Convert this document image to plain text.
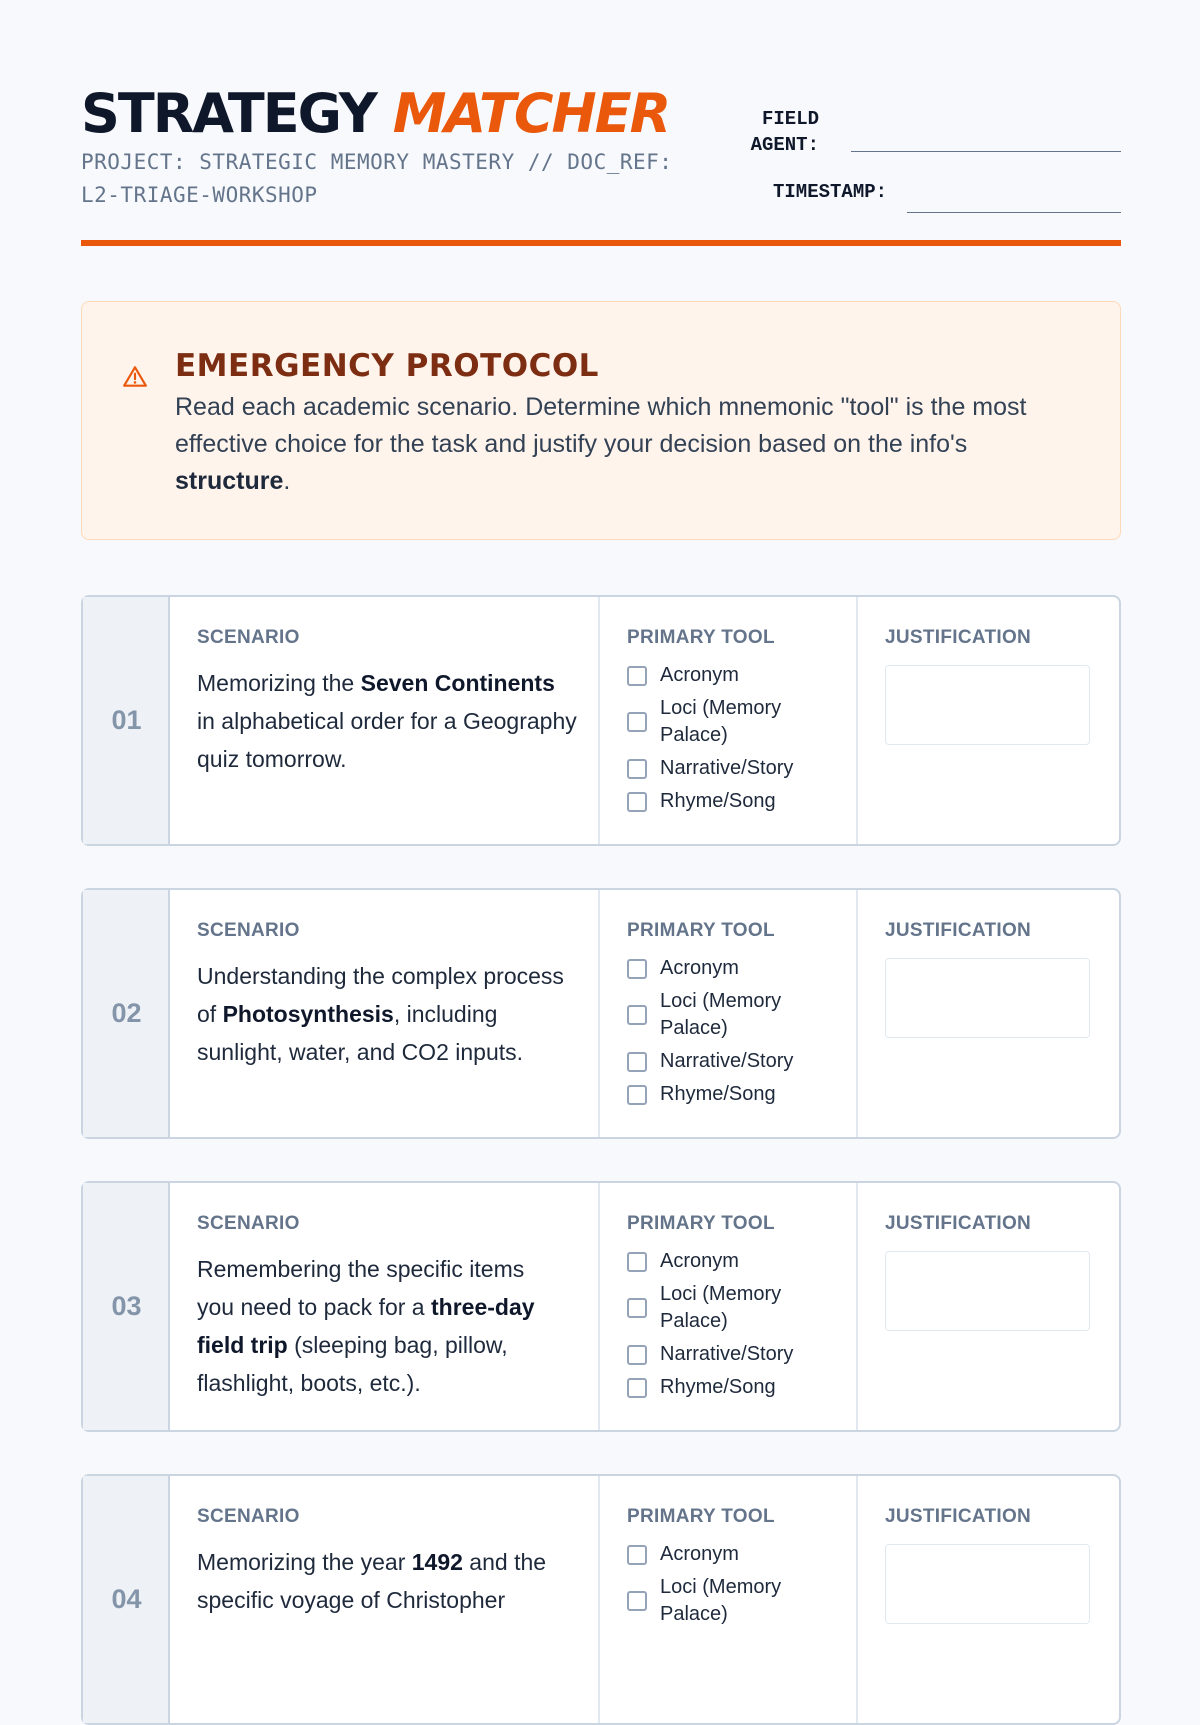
STRATEGY MATCHER
PROJECT: STRATEGIC MEMORY MASTERY // DOC_REF: L2-TRIAGE-WORKSHOP
FIELD
AGENT:
TIMESTAMP:
EMERGENCY PROTOCOL
Read each academic scenario. Determine which mnemonic "tool" is the most effective choice for the task and justify your decision based on the info's structure.
01
SCENARIO
Memorizing the Seven Continents in alphabetical order for a Geography quiz tomorrow.
PRIMARY TOOL
Acronym
Loci (Memory Palace)
Narrative/Story
Rhyme/Song
JUSTIFICATION
02
SCENARIO
Understanding the complex process of Photosynthesis, including sunlight, water, and CO2 inputs.
PRIMARY TOOL
Acronym
Loci (Memory Palace)
Narrative/Story
Rhyme/Song
JUSTIFICATION
03
SCENARIO
Remembering the specific items you need to pack for a three-day field trip (sleeping bag, pillow, flashlight, boots, etc.).
PRIMARY TOOL
Acronym
Loci (Memory Palace)
Narrative/Story
Rhyme/Song
JUSTIFICATION
04
SCENARIO
Memorizing the year 1492 and the specific voyage of Christopher
PRIMARY TOOL
Acronym
Loci (Memory Palace)
JUSTIFICATION
